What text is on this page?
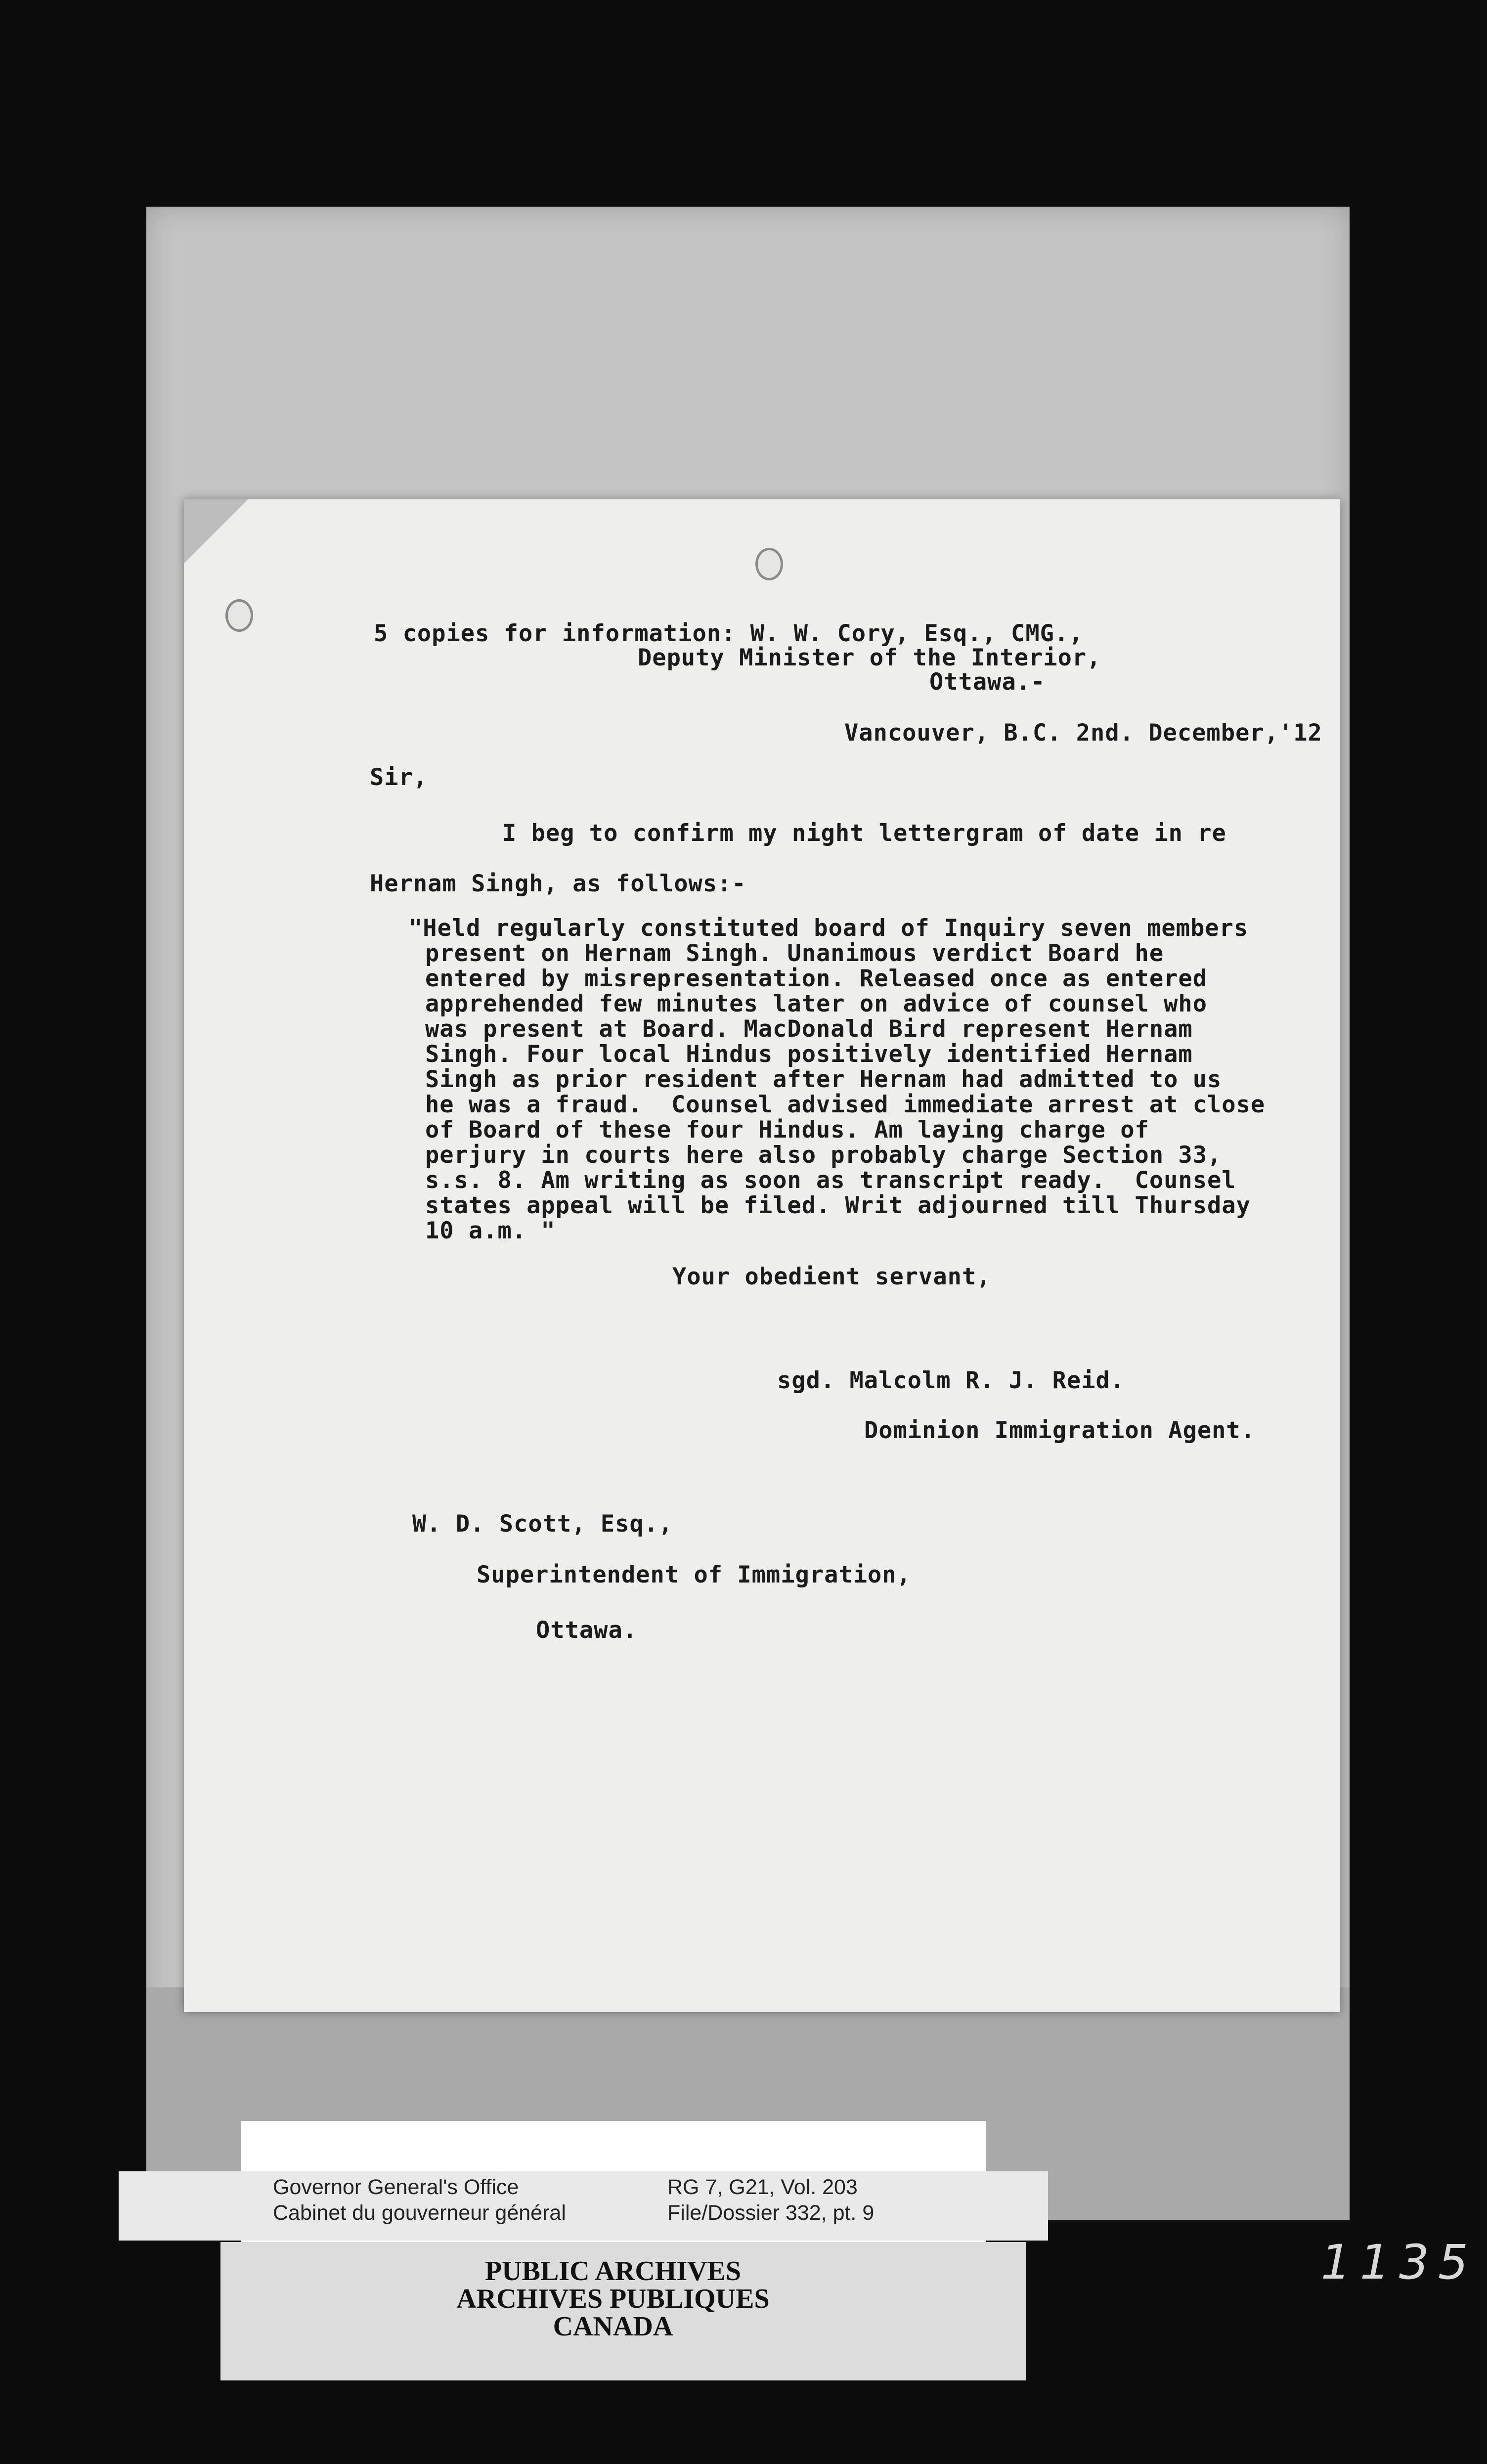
5 copies for information: W. W. Cory, Esq., CMG.,

Deputy Minister of the Interior,

Ottawa.-

Vancouver, B.C. 2nd. December,'12

Sir,

I beg to confirm my night lettergram of date in re

Hernam Singh, as follows:-

"Held regularly constituted board of Inquiry seven members
present on Hernam Singh. Unanimous verdict Board he
entered by misrepresentation. Released once as entered
apprehended few minutes later on advice of counsel who
was present at Board. MacDonald Bird represent Hernam
Singh. Four local Hindus positively identified Hernam
Singh as prior resident after Hernam had admitted to us
he was a fraud.  Counsel advised immediate arrest at close
of Board of these four Hindus. Am laying charge of
perjury in courts here also probably charge Section 33,
s.s. 8. Am writing as soon as transcript ready.  Counsel
states appeal will be filed. Writ adjourned till Thursday
10 a.m. "

Your obedient servant,

sgd. Malcolm R. J. Reid.

Dominion Immigration Agent.

W. D. Scott, Esq.,

Superintendent of Immigration,

Ottawa.

Governor General's Office

Cabinet du gouverneur général

RG 7, G21, Vol. 203

File/Dossier 332, pt. 9

PUBLIC ARCHIVES

ARCHIVES PUBLIQUES

CANADA

1135
